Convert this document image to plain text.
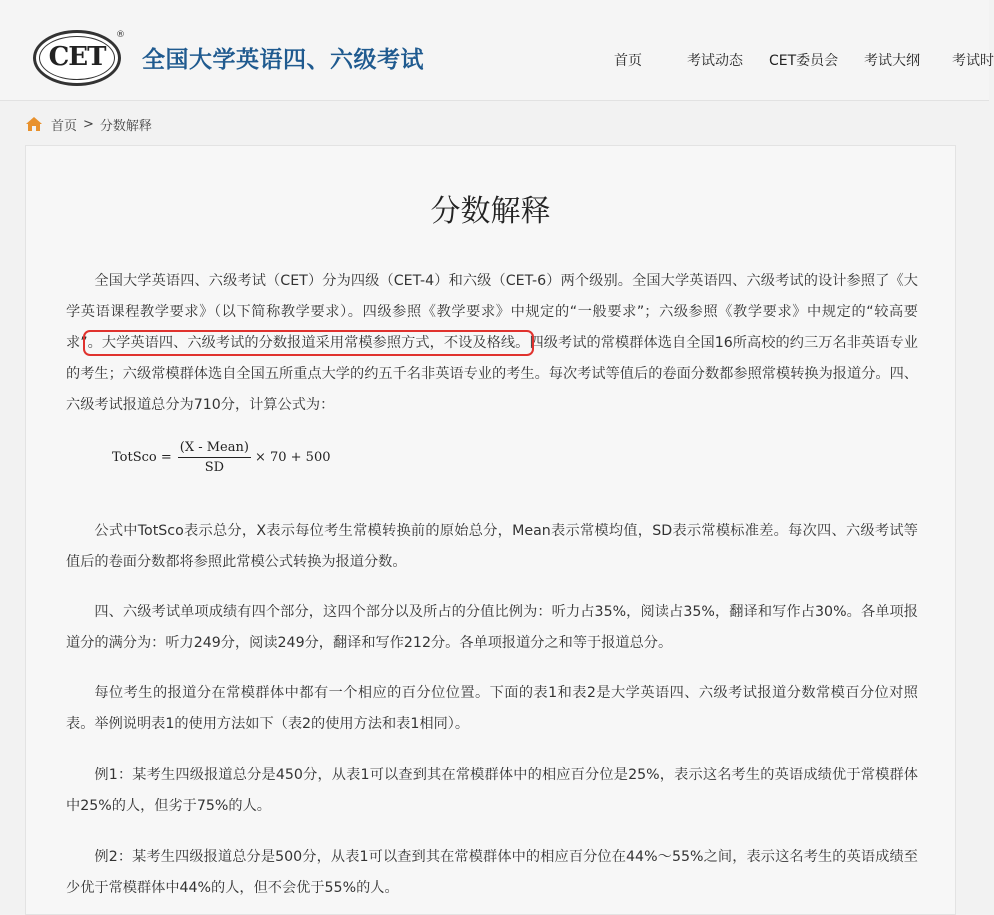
CET
®
全国大学英语四、六级考试	首页	考试动态 CET委员会 考试大纲 考试时
首页 > 分数解释
分数解释

全国大学英语四、六级考试（CET）分为四级（CET-4）和六级（CET-6）两个级别。全国大学英语四、六级考试的设计参照了《大学英语课程教学要求》（以下简称教学要求）。四级参照《教学要求》中规定的“一般要求”；六级参照《教学要求》中规定的“较高要求”。大学英语四、六级考试的分数报道采用常模参照方式，不设及格线。四级考试的常模群体选自全国16所高校的约三万名非英语专业的考生；六级常模群体选自全国五所重点大学的约五千名非英语专业的考生。每次考试等值后的卷面分数都参照常模转换为报道分。四、六级考试报道总分为710分，计算公式为：

TotSco = $\frac{\text{(X - Mean)}}{SD} \times 70 + 500$

公式中TotSco表示总分，X表示每位考生常模转换前的原始总分，Mean表示常模均值，SD表示常模标准差。每次四、六级考试等值后的卷面分数都将参照此常模公式转换为报道分数。

四、六级考试单项成绩有四个部分，这四个部分以及所占的分值比例为：听力占35%，阅读占35%，翻译和写作占30%。各单项报道分的满分为：听力249分，阅读249分，翻译和写作212分。各单项报道分之和等于报道总分。

每位考生的报道分在常模群体中都有一个相应的百分位位置。下面的表1和表2是大学英语四、六级考试报道分数常模百分位对照表。举例说明表1的使用方法如下（表2的使用方法和表1相同）。

例1：某考生四级报道总分是450分，从表1可以查到其在常模群体中的相应百分位是25%，表示这名考生的英语成绩优于常模群体中25%的人，但劣于75%的人。

例2：某考生四级报道总分是500分，从表1可以查到其在常模群体中的相应百分位在44%～55%之间，表示这名考生的英语成绩至少优于常模群体中44%的人，但不会优于55%的人。
